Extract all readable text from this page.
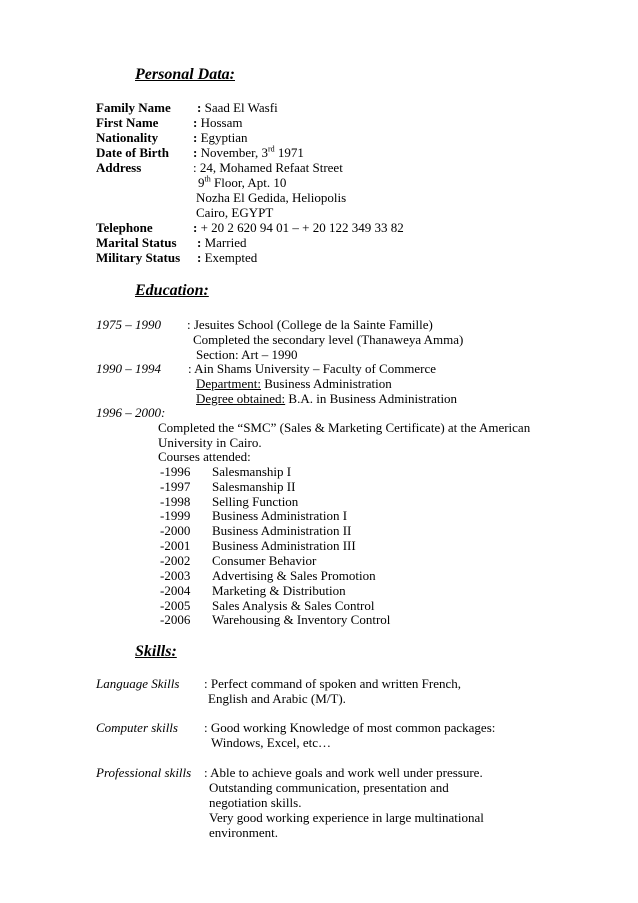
Personal Data:
Family Name : Saad El Wasfi
First Name	: Hossam
Nationality	: Egyptian
Date of Birth : November, 3rd 1971
Address	: 24, Mohamed Refaat Street
9th Floor, Apt. 10
Nozha El Gedida, Heliopolis
Cairo, EGYPT
Telephone	: + 20 2 620 94 01 – + 20 122 349 33 82
Marital Status : Married
Military Status : Exempted
Education:
1975 – 1990 : Jesuites School (College de la Sainte Famille)
Completed the secondary level (Thanaweya Amma)
Section: Art – 1990
1990 – 1994 : Ain Shams University – Faculty of Commerce
Department: Business Administration
Degree obtained: B.A. in Business Administration
1996 – 2000:
Completed the “SMC” (Sales & Marketing Certificate) at the American
University in Cairo.
Courses attended:
-1996 Salesmanship I
-1997 Salesmanship II
-1998 Selling Function
-1999 Business Administration I
-2000 Business Administration II
-2001 Business Administration III
-2002 Consumer Behavior
-2003 Advertising & Sales Promotion
-2004 Marketing & Distribution
-2005 Sales Analysis & Sales Control
-2006 Warehousing & Inventory Control
Skills:
Language Skills : Perfect command of spoken and written French,
English and Arabic (M/T).
Computer skills : Good working Knowledge of most common packages:
Windows, Excel, etc…
Professional skills : Able to achieve goals and work well under pressure.
Outstanding communication, presentation and
negotiation skills.
Very good working experience in large multinational
environment.
